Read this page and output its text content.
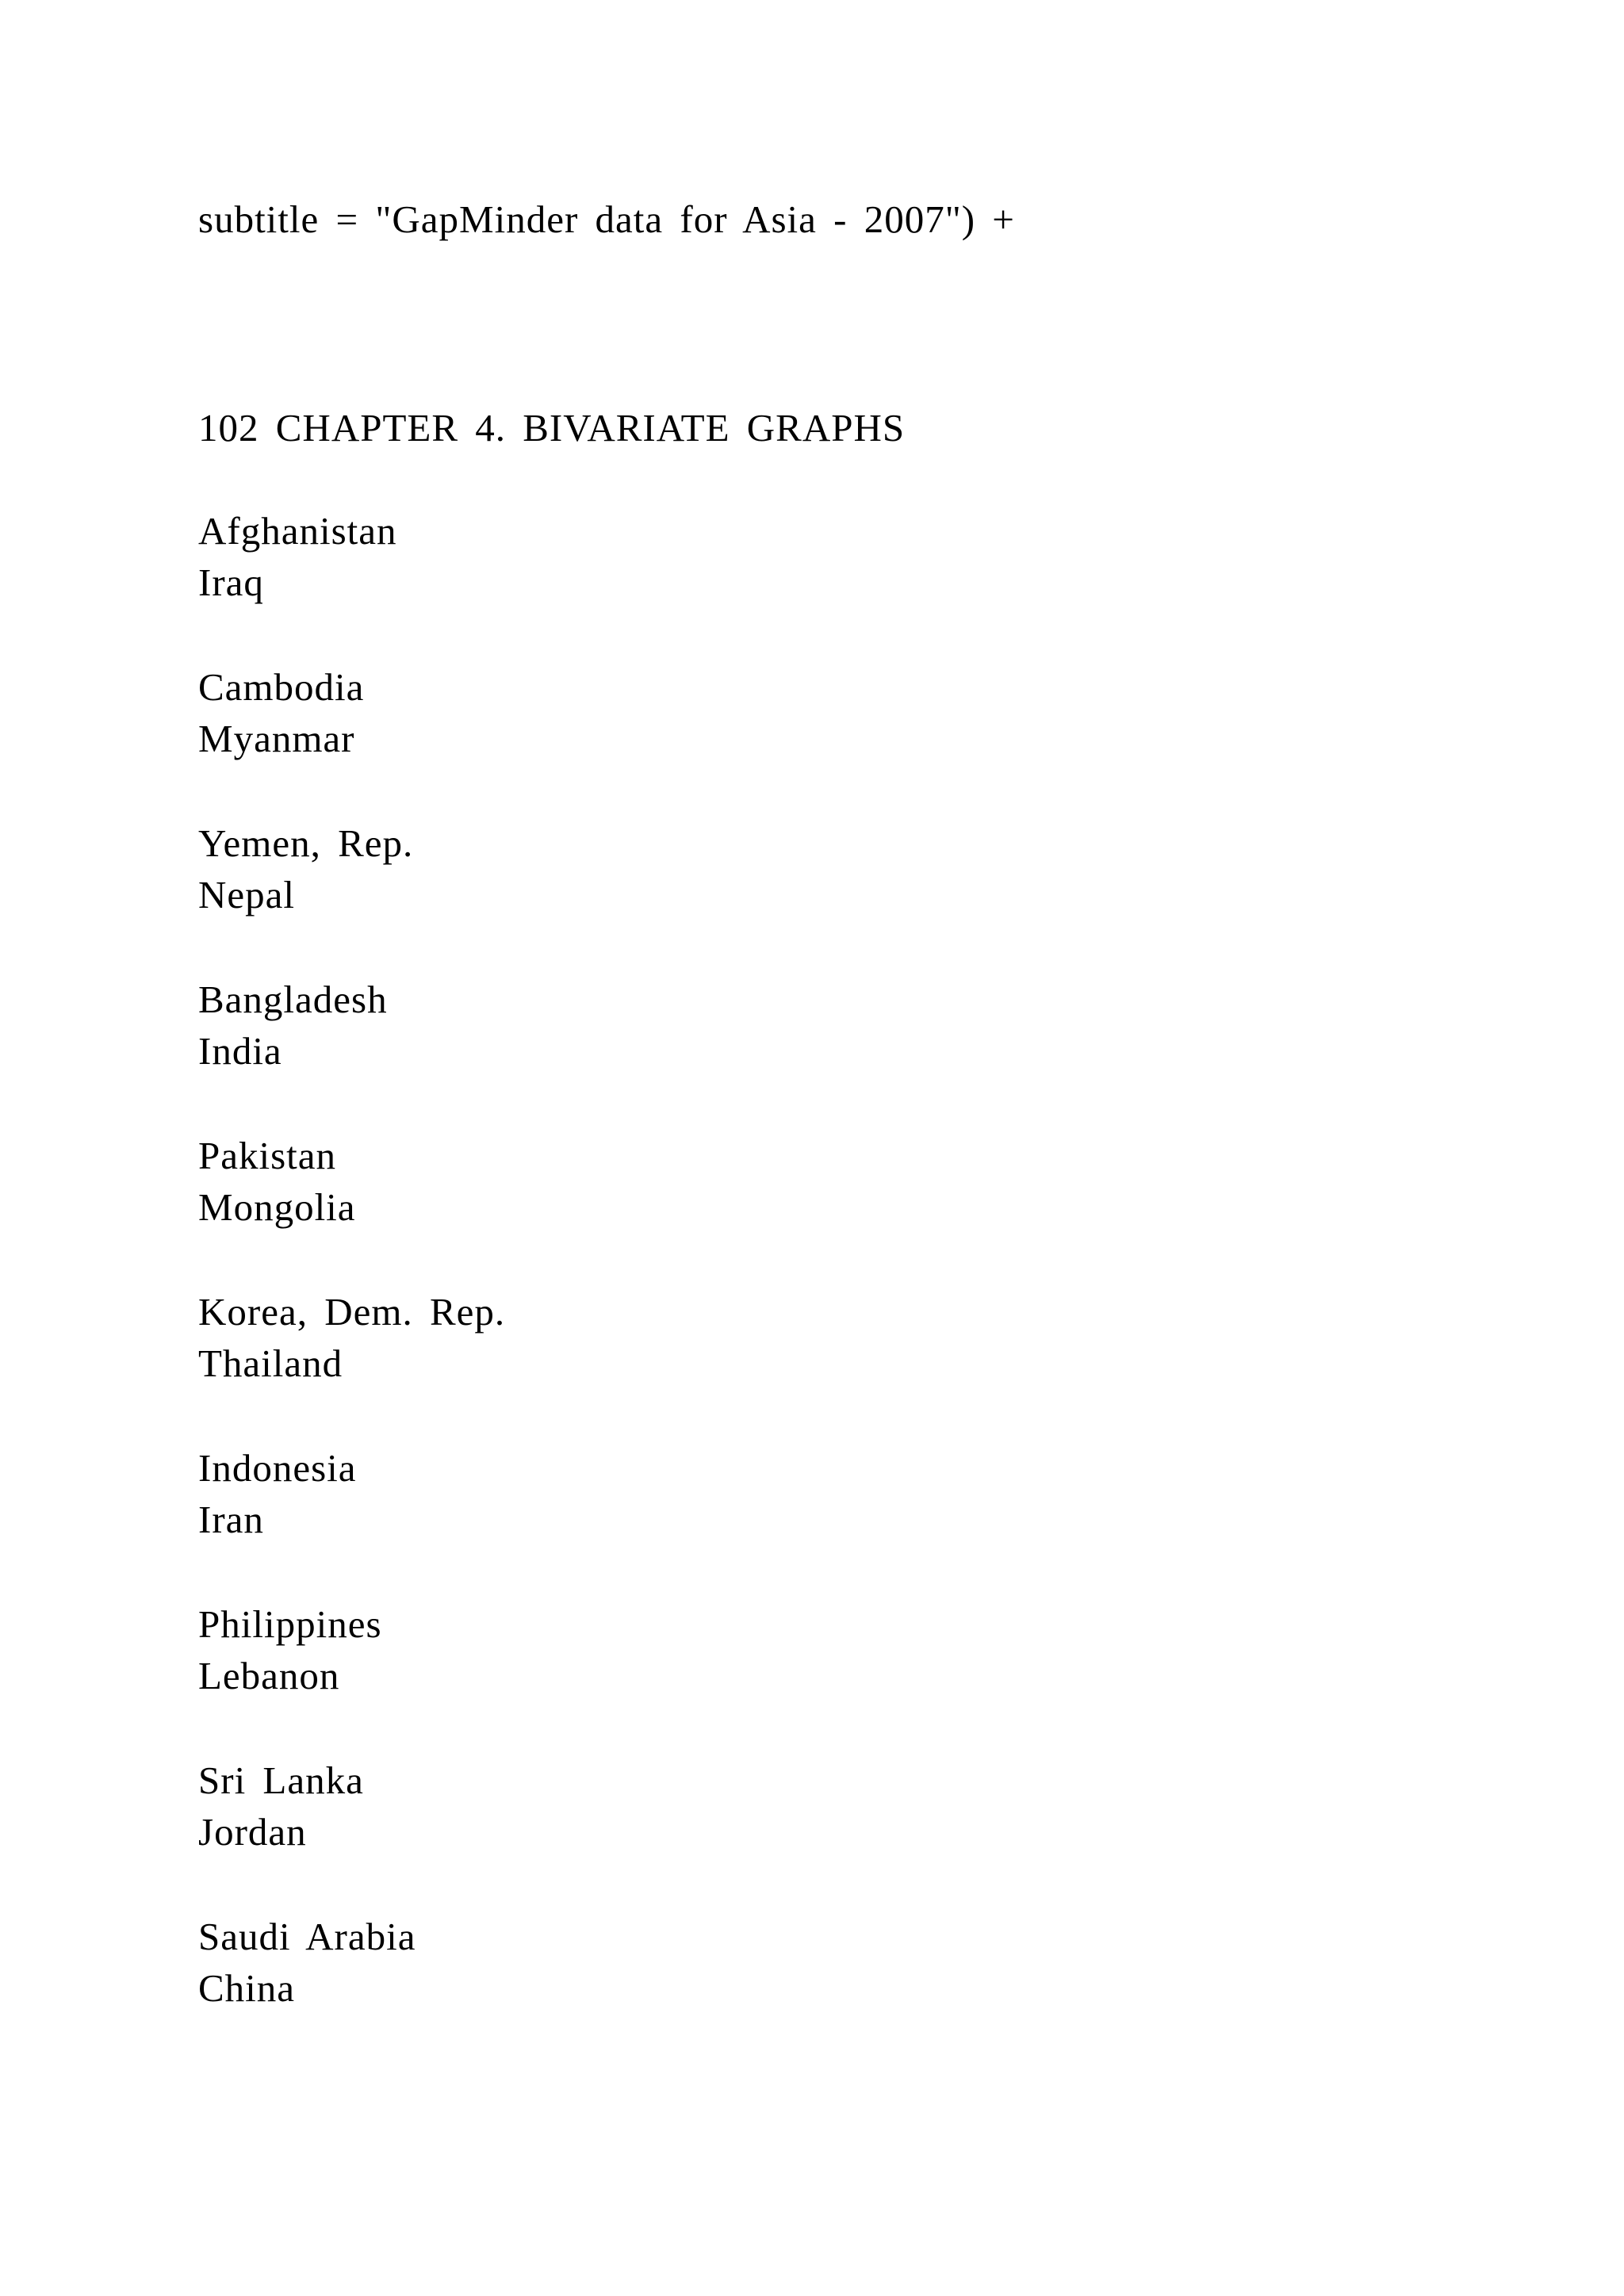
subtitle = "GapMinder data for Asia - 2007") +
102 CHAPTER 4. BIVARIATE GRAPHS
Afghanistan
Iraq
Cambodia
Myanmar
Yemen, Rep.
Nepal
Bangladesh
India
Pakistan
Mongolia
Korea, Dem. Rep.
Thailand
Indonesia
Iran
Philippines
Lebanon
Sri Lanka
Jordan
Saudi Arabia
China
